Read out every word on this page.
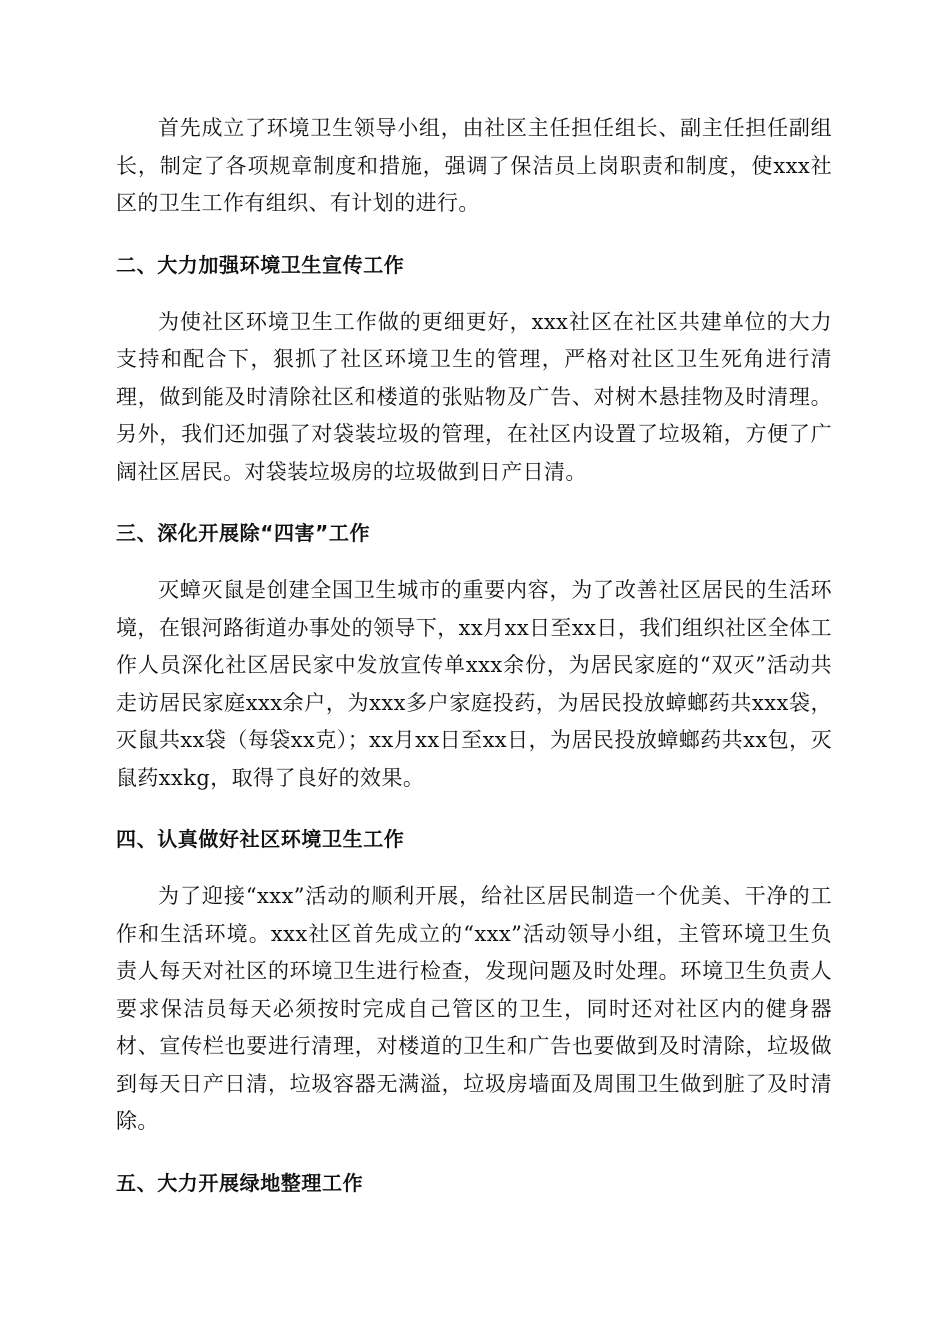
首先成立了环境卫生领导小组，由社区主任担任组长、副主任担任副组长，制定了各项规章制度和措施，强调了保洁员上岗职责和制度，使xxx社区的卫生工作有组织、有计划的进行。

二、大力加强环境卫生宣传工作

为使社区环境卫生工作做的更细更好，xxx社区在社区共建单位的大力支持和配合下，狠抓了社区环境卫生的管理，严格对社区卫生死角进行清理，做到能及时清除社区和楼道的张贴物及广告、对树木悬挂物及时清理。另外，我们还加强了对袋装垃圾的管理，在社区内设置了垃圾箱，方便了广阔社区居民。对袋装垃圾房的垃圾做到日产日清。

三、深化开展除“四害”工作

灭蟑灭鼠是创建全国卫生城市的重要内容，为了改善社区居民的生活环境，在银河路街道办事处的领导下，xx月xx日至xx日，我们组织社区全体工作人员深化社区居民家中发放宣传单xxx余份，为居民家庭的“双灭”活动共走访居民家庭xxx余户，为xxx多户家庭投药，为居民投放蟑螂药共xxx袋，灭鼠共xx袋（每袋xx克）；xx月xx日至xx日，为居民投放蟑螂药共xx包，灭鼠药xxkg，取得了良好的效果。

四、认真做好社区环境卫生工作

为了迎接“xxx”活动的顺利开展，给社区居民制造一个优美、干净的工作和生活环境。xxx社区首先成立的“xxx”活动领导小组，主管环境卫生负责人每天对社区的环境卫生进行检查，发现问题及时处理。环境卫生负责人要求保洁员每天必须按时完成自己管区的卫生，同时还对社区内的健身器材、宣传栏也要进行清理，对楼道的卫生和广告也要做到及时清除，垃圾做到每天日产日清，垃圾容器无满溢，垃圾房墙面及周围卫生做到脏了及时清除。

五、大力开展绿地整理工作
